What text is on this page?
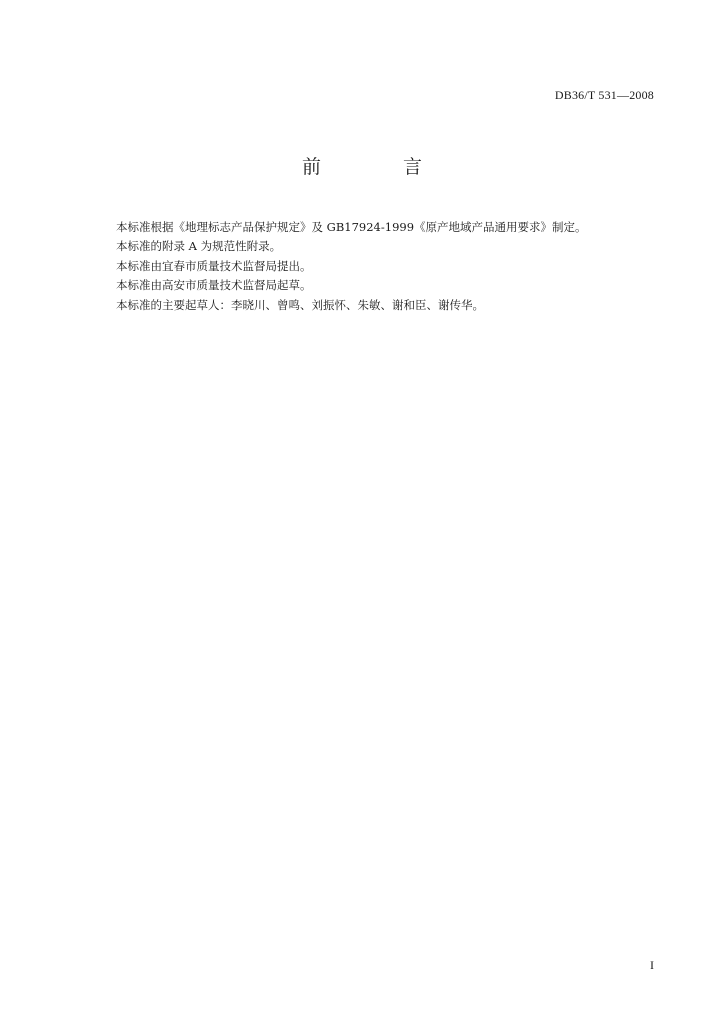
DB36/T 531—2008
前 言
本标准根据《地理标志产品保护规定》及 GB17924-1999《原产地域产品通用要求》制定。
本标准的附录 A 为规范性附录。
本标准由宜春市质量技术监督局提出。
本标准由高安市质量技术监督局起草。
本标准的主要起草人：李晓川、曾鸣、刘振怀、朱敏、谢和臣、谢传华。
I
